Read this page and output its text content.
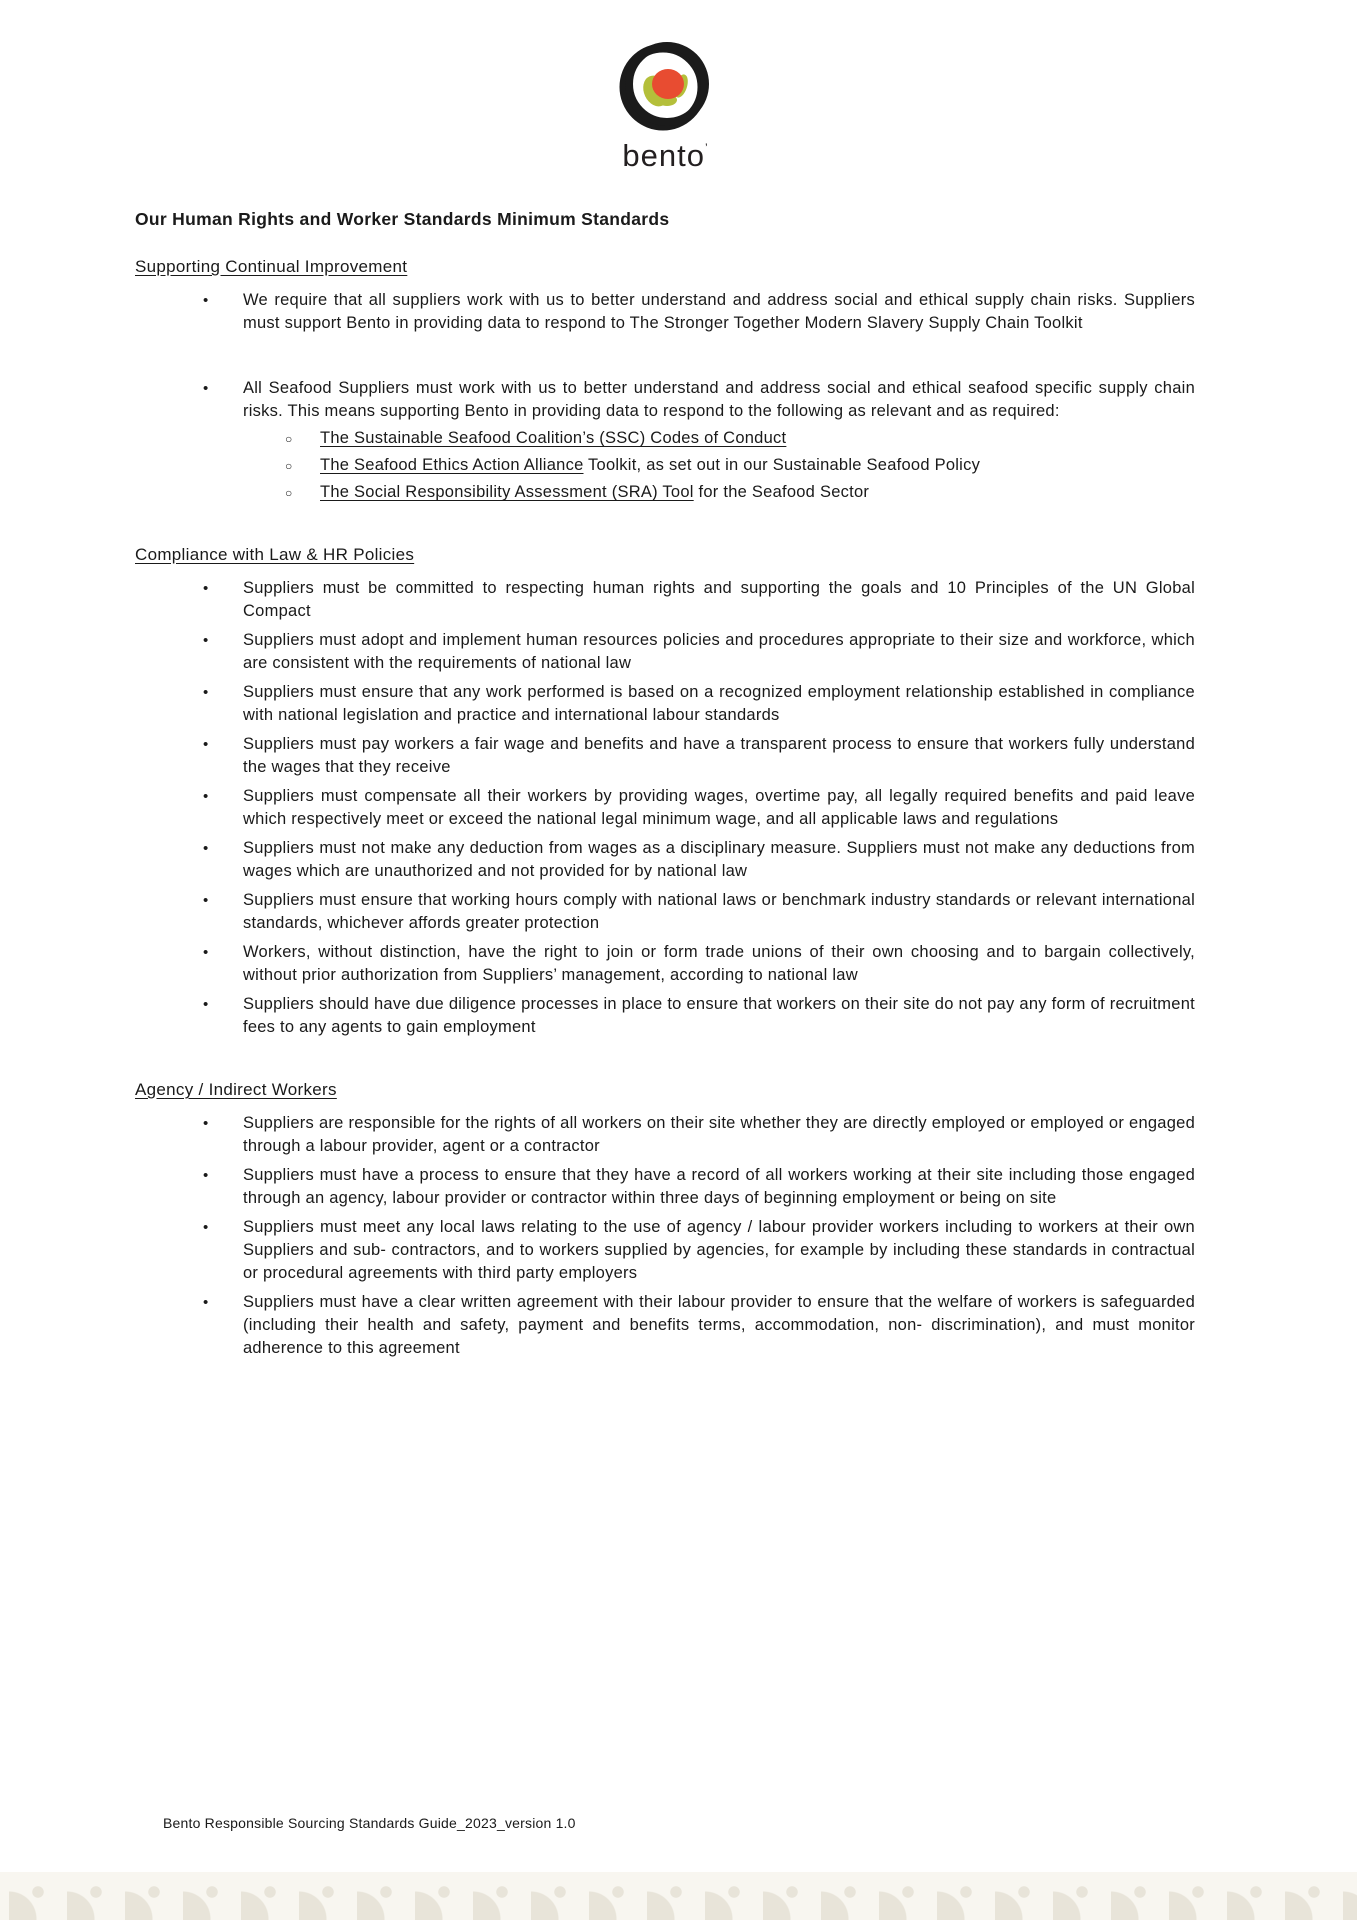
bento’
Our Human Rights and Worker Standards Minimum Standards
Supporting Continual Improvement
• We require that all suppliers work with us to better understand and address social and ethical supply chain risks. Suppliers must support Bento in providing data to respond to The Stronger Together Modern Slavery Supply Chain Toolkit
• All Seafood Suppliers must work with us to better understand and address social and ethical seafood specific supply chain risks. This means supporting Bento in providing data to respond to the following as relevant and as required:
○ The Sustainable Seafood Coalition’s (SSC) Codes of Conduct
○ The Seafood Ethics Action Alliance Toolkit, as set out in our Sustainable Seafood Policy
○ The Social Responsibility Assessment (SRA) Tool for the Seafood Sector
Compliance with Law & HR Policies
• Suppliers must be committed to respecting human rights and supporting the goals and 10 Principles of the UN Global Compact
• Suppliers must adopt and implement human resources policies and procedures appropriate to their size and workforce, which are consistent with the requirements of national law
• Suppliers must ensure that any work performed is based on a recognized employment relationship established in compliance with national legislation and practice and international labour standards
• Suppliers must pay workers a fair wage and benefits and have a transparent process to ensure that workers fully understand the wages that they receive
• Suppliers must compensate all their workers by providing wages, overtime pay, all legally required benefits and paid leave which respectively meet or exceed the national legal minimum wage, and all applicable laws and regulations
• Suppliers must not make any deduction from wages as a disciplinary measure. Suppliers must not make any deductions from wages which are unauthorized and not provided for by national law
• Suppliers must ensure that working hours comply with national laws or benchmark industry standards or relevant international standards, whichever affords greater protection
• Workers, without distinction, have the right to join or form trade unions of their own choosing and to bargain collectively, without prior authorization from Suppliers’ management, according to national law
• Suppliers should have due diligence processes in place to ensure that workers on their site do not pay any form of recruitment fees to any agents to gain employment
Agency / Indirect Workers
• Suppliers are responsible for the rights of all workers on their site whether they are directly employed or employed or engaged through a labour provider, agent or a contractor
• Suppliers must have a process to ensure that they have a record of all workers working at their site including those engaged through an agency, labour provider or contractor within three days of beginning employment or being on site
• Suppliers must meet any local laws relating to the use of agency / labour provider workers including to workers at their own Suppliers and sub- contractors, and to workers supplied by agencies, for example by including these standards in contractual or procedural agreements with third party employers
• Suppliers must have a clear written agreement with their labour provider to ensure that the welfare of workers is safeguarded (including their health and safety, payment and benefits terms, accommodation, non- discrimination), and must monitor adherence to this agreement
Bento Responsible Sourcing Standards Guide_2023_version 1.0
